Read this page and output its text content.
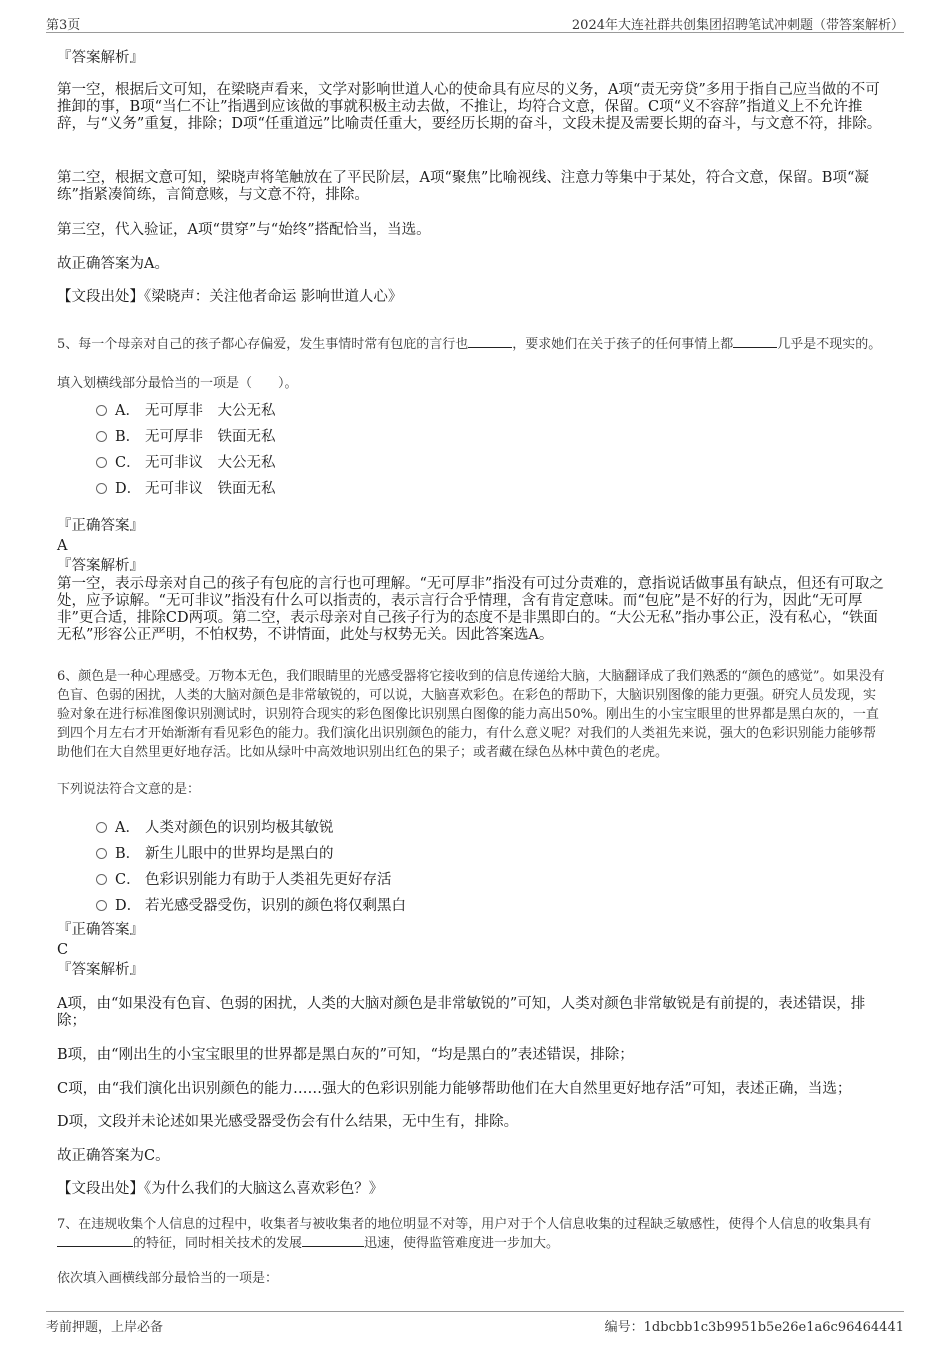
第3页	2024年大连社群共创集团招聘笔试冲刺题（带答案解析）
『答案解析』
第一空，根据后文可知，在梁晓声看来，文学对影响世道人心的使命具有应尽的义务，A项“责无旁贷”多用于指自己应当做的不可推卸的事，B项“当仁不让”指遇到应该做的事就积极主动去做，不推让，均符合文意，保留。C项“义不容辞”指道义上不允许推辞，与“义务”重复，排除；D项“任重道远”比喻责任重大，要经历长期的奋斗，文段未提及需要长期的奋斗，与文意不符，排除。
第二空，根据文意可知，梁晓声将笔触放在了平民阶层，A项“聚焦”比喻视线、注意力等集中于某处，符合文意，保留。B项“凝练”指紧凑简练，言简意赅，与文意不符，排除。
第三空，代入验证，A项“贯穿”与“始终”搭配恰当，当选。
故正确答案为A。
【文段出处】《梁晓声：关注他者命运 影响世道人心》
5、每一个母亲对自己的孩子都心存偏爱，发生事情时常有包庇的言行也	，要求她们在关于孩子的任何事情上都	几乎是不现实的。
填入划横线部分最恰当的一项是（　　）。
A． 无可厚非　大公无私
B． 无可厚非　铁面无私
C． 无可非议　大公无私
D． 无可非议　铁面无私
『正确答案』
A
『答案解析』
第一空，表示母亲对自己的孩子有包庇的言行也可理解。“无可厚非”指没有可过分责难的，意指说话做事虽有缺点，但还有可取之处，应予谅解。“无可非议”指没有什么可以指责的，表示言行合乎情理，含有肯定意味。而“包庇”是不好的行为，因此“无可厚非”更合适，排除CD两项。第二空，表示母亲对自己孩子行为的态度不是非黑即白的。“大公无私”指办事公正，没有私心，“铁面无私”形容公正严明，不怕权势，不讲情面，此处与权势无关。因此答案选A。
6、颜色是一种心理感受。万物本无色，我们眼睛里的光感受器将它接收到的信息传递给大脑，大脑翻译成了我们熟悉的“颜色的感觉”。如果没有色盲、色弱的困扰，人类的大脑对颜色是非常敏锐的，可以说，大脑喜欢彩色。在彩色的帮助下，大脑识别图像的能力更强。研究人员发现，实验对象在进行标准图像识别测试时，识别符合现实的彩色图像比识别黑白图像的能力高出50%。刚出生的小宝宝眼里的世界都是黑白灰的，一直到四个月左右才开始渐渐有看见彩色的能力。我们演化出识别颜色的能力，有什么意义呢？对我们的人类祖先来说，强大的色彩识别能力能够帮助他们在大自然里更好地存活。比如从绿叶中高效地识别出红色的果子；或者藏在绿色丛林中黄色的老虎。
下列说法符合文意的是：
A． 人类对颜色的识别均极其敏锐
B． 新生儿眼中的世界均是黑白的
C． 色彩识别能力有助于人类祖先更好存活
D． 若光感受器受伤，识别的颜色将仅剩黑白
『正确答案』
C
『答案解析』
A项，由“如果没有色盲、色弱的困扰，人类的大脑对颜色是非常敏锐的”可知，人类对颜色非常敏锐是有前提的，表述错误，排除；
B项，由“刚出生的小宝宝眼里的世界都是黑白灰的”可知，“均是黑白的”表述错误，排除；
C项，由“我们演化出识别颜色的能力……强大的色彩识别能力能够帮助他们在大自然里更好地存活”可知，表述正确，当选；
D项，文段并未论述如果光感受器受伤会有什么结果，无中生有，排除。
故正确答案为C。
【文段出处】《为什么我们的大脑这么喜欢彩色？》
7、在违规收集个人信息的过程中，收集者与被收集者的地位明显不对等，用户对于个人信息收集的过程缺乏敏感性，使得个人信息的收集具有的特征，同时相关技术的发展	迅速，使得监管难度进一步加大。
依次填入画横线部分最恰当的一项是：
考前押题，上岸必备	编号：1dbcbb1c3b9951b5e26e1a6c96464441
